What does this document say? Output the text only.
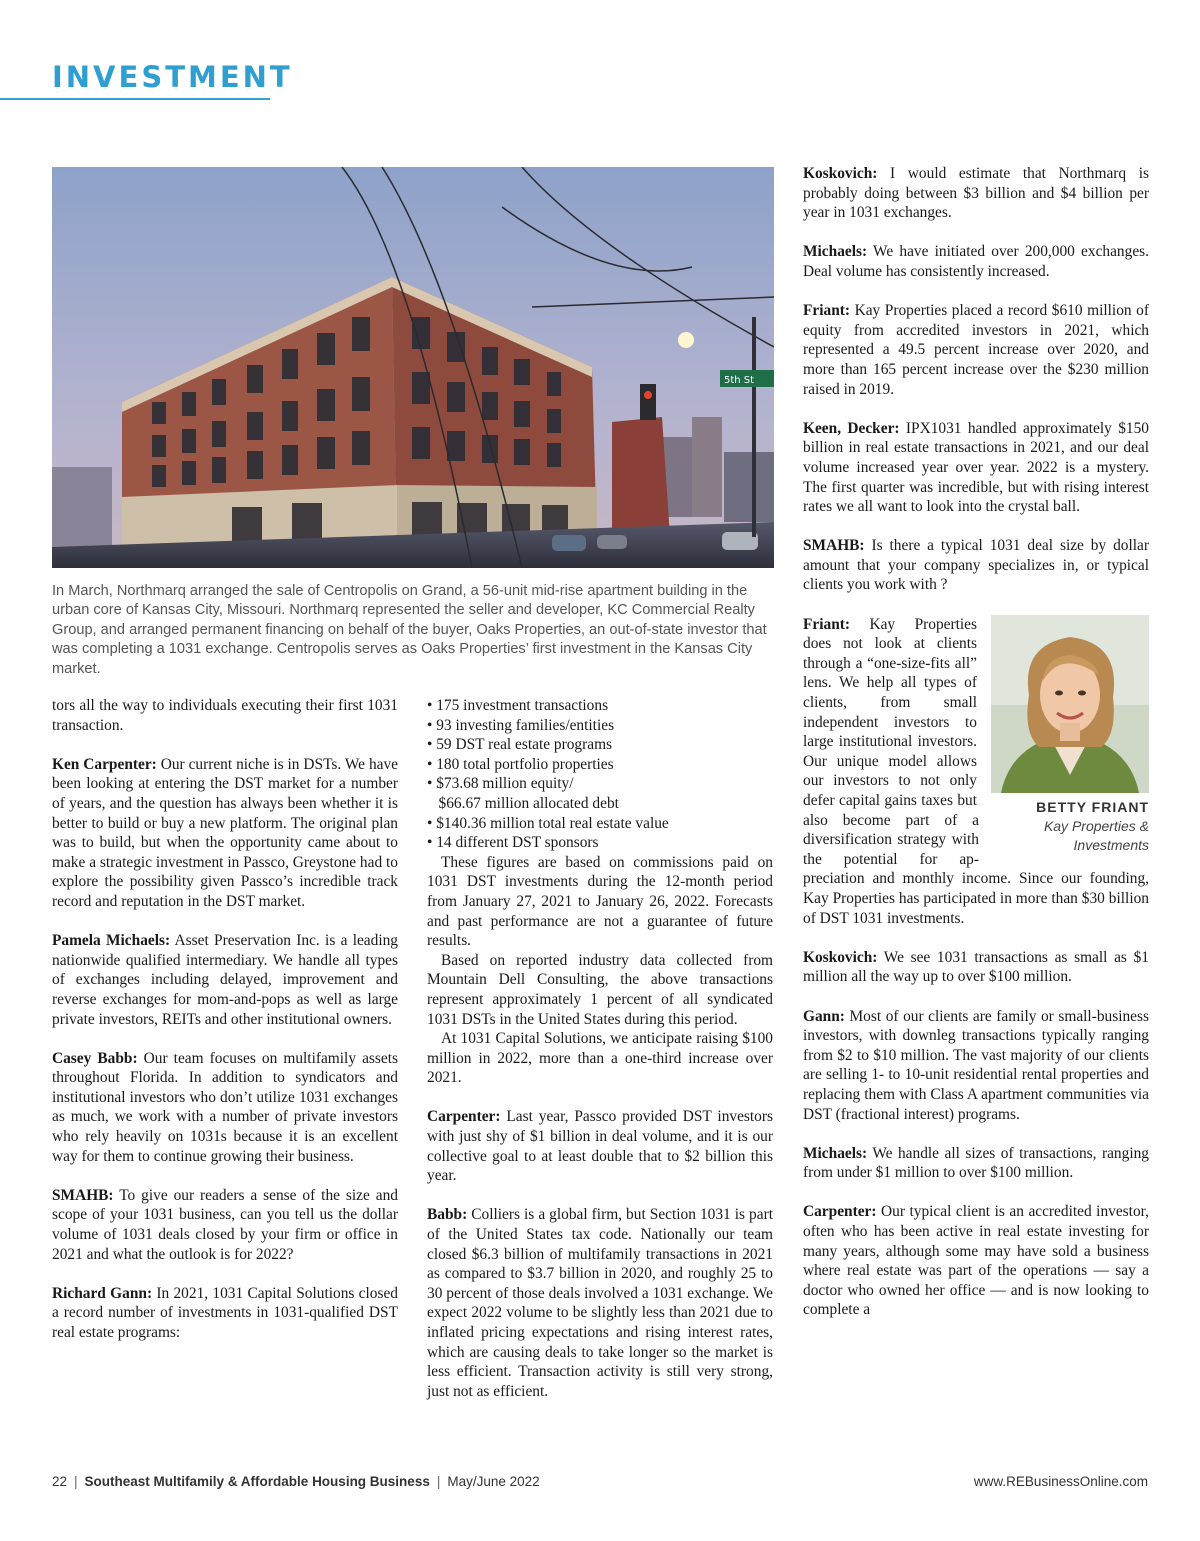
INVESTMENT
5th St
In March, Northmarq arranged the sale of Centropolis on Grand, a 56-unit mid-rise apartment building in the urban core of Kansas City, Missouri. Northmarq represented the seller and developer, KC Commercial Realty Group, and arranged permanent financing on behalf of the buyer, Oaks Properties, an out-of-state investor that was completing a 1031 exchange. Centropolis serves as Oaks Properties’ first investment in the Kansas City market.

tors all the way to individuals executing their first 1031 transaction.

Ken Carpenter: Our current niche is in DSTs. We have been looking at entering the DST market for a number of years, and the question has always been whether it is better to build or buy a new platform. The original plan was to build, but when the opportunity came about to make a strategic investment in Passco, Greystone had to explore the possibility given Passco’s incredible track record and reputation in the DST market.

Pamela Michaels: Asset Preservation Inc. is a leading nationwide qualified intermediary. We handle all types of exchanges including delayed, improvement and reverse exchanges for mom-and-pops as well as large private investors, REITs and other institutional owners.

Casey Babb: Our team focuses on multifamily assets throughout Florida. In addition to syndicators and institutional investors who don’t utilize 1031 exchanges as much, we work with a number of private investors who rely heavily on 1031s because it is an excellent way for them to continue growing their business.

SMAHB: To give our readers a sense of the size and scope of your 1031 business, can you tell us the dollar volume of 1031 deals closed by your firm or office in 2021 and what the outlook is for 2022?

Richard Gann: In 2021, 1031 Capital Solutions closed a record number of investments in 1031-qualified DST real estate programs:

• 175 investment transactions
• 93 investing families/entities
• 59 DST real estate programs
• 180 total portfolio properties
• $73.68 million equity/
$66.67 million allocated debt
• $140.36 million total real estate value
• 14 different DST sponsors

These figures are based on commissions paid on 1031 DST investments during the 12-month period from January 27, 2021 to January 26, 2022. Forecasts and past performance are not a guarantee of future results.

Based on reported industry data collected from Mountain Dell Consulting, the above transactions represent approximately 1 percent of all syndicated 1031 DSTs in the United States during this period.

At 1031 Capital Solutions, we anticipate raising $100 million in 2022, more than a one-third increase over 2021.

Carpenter: Last year, Passco provided DST investors with just shy of $1 billion in deal volume, and it is our collective goal to at least double that to $2 billion this year.

Babb: Colliers is a global firm, but Section 1031 is part of the United States tax code. Nationally our team closed $6.3 billion of multifamily transactions in 2021 as compared to $3.7 billion in 2020, and roughly 25 to 30 percent of those deals involved a 1031 exchange. We expect 2022 volume to be slightly less than 2021 due to inflated pricing expectations and rising interest rates, which are causing deals to take longer so the market is less efficient. Transaction activity is still very strong, just not as efficient.

Koskovich: I would estimate that Northmarq is probably doing between $3 billion and $4 billion per year in 1031 exchanges.

Michaels: We have initiated over 200,000 exchanges. Deal volume has consistently increased.

Friant: Kay Properties placed a record $610 million of equity from accredited investors in 2021, which represented a 49.5 percent increase over 2020, and more than 165 percent increase over the $230 million raised in 2019.

Keen, Decker: IPX1031 handled approximately $150 billion in real estate transactions in 2021, and our deal volume increased year over year. 2022 is a mystery. The first quarter was incredible, but with rising interest rates we all want to look into the crystal ball.

SMAHB: Is there a typical 1031 deal size by dollar amount that your company specializes in, or typical clients you work with ?

BETTY FRIANT
Kay Properties &
Investments

Friant: Kay Properties does not look at clients through a “one-size-fits all” lens. We help all types of clients, from small independent investors to large institutional investors. Our unique model allows our investors to not only defer capital gains taxes but also become part of a diversification strategy with the potential for appreciation and monthly income. Since our founding, Kay Properties has participated in more than $30 billion of DST 1031 investments.

Koskovich: We see 1031 transactions as small as $1 million all the way up to over $100 million.

Gann: Most of our clients are family or small-business investors, with downleg transactions typically ranging from $2 to $10 million. The vast majority of our clients are selling 1- to 10-unit residential rental properties and replacing them with Class A apartment communities via DST (fractional interest) programs.

Michaels: We handle all sizes of transactions, ranging from under $1 million to over $100 million.

Carpenter: Our typical client is an accredited investor, often who has been active in real estate investing for many years, although some may have sold a business where real estate was part of the operations — say a doctor who owned her office — and is now looking to complete a

22 | Southeast Multifamily & Affordable Housing Business | May/June 2022	www.REBusinessOnline.com
